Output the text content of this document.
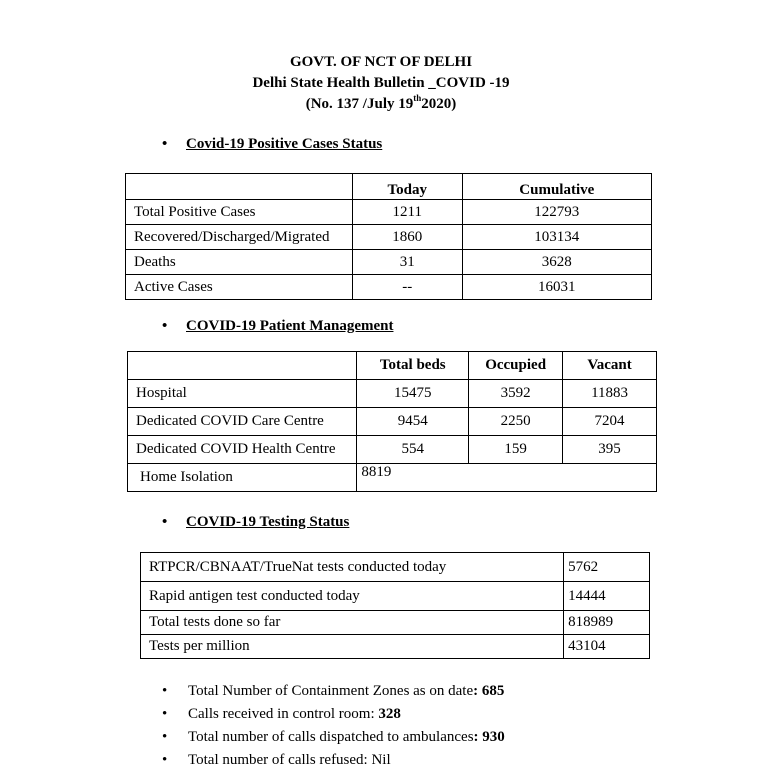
GOVT. OF NCT OF DELHI
Delhi State Health Bulletin _COVID -19
(No. 137 /July 19th2020)
• Covid-19 Positive Cases Status
	Today	Cumulative
Total Positive Cases	1211	122793
Recovered/Discharged/Migrated	1860	103134
Deaths	31	3628
Active Cases	--	16031
• COVID-19 Patient Management
	Total beds	Occupied	Vacant
Hospital	15475	3592	11883
Dedicated COVID Care Centre	9454	2250	7204
Dedicated COVID Health Centre	554	159	395
Home Isolation	8819		
• COVID-19 Testing Status
RTPCR/CBNAAT/TrueNat tests conducted today	5762
Rapid antigen test conducted today	14444
Total tests done so far	818989
Tests per million	43104
• Total Number of Containment Zones as on date: 685
• Calls received in control room: 328
• Total number of calls dispatched to ambulances: 930
• Total number of calls refused: Nil
